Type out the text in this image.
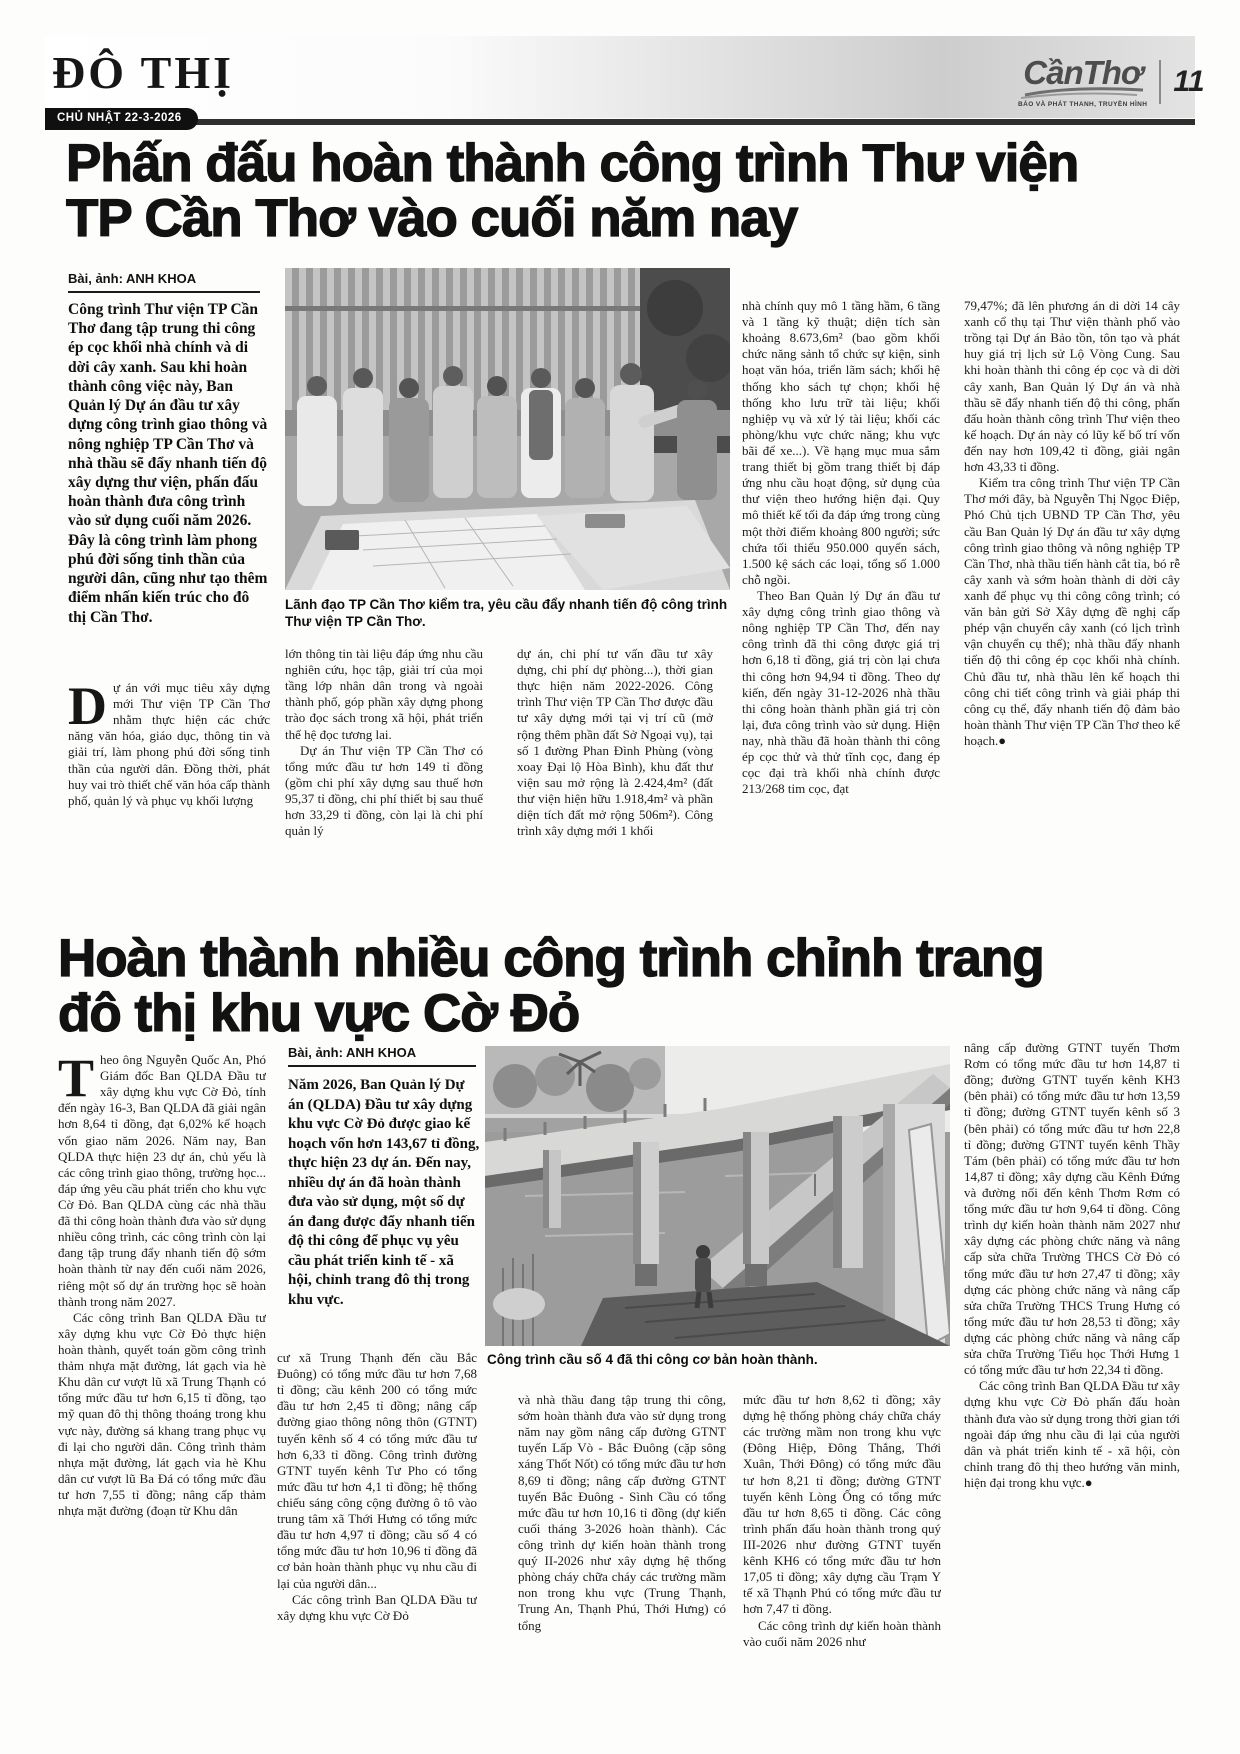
ĐÔ THỊ
CHỦ NHẬT 22-3-2026
CầnThơ
BÁO VÀ PHÁT THANH, TRUYỀN HÌNH
11
Phấn đấu hoàn thành công trình Thư viện TP Cần Thơ vào cuối năm nay
Bài, ảnh: ANH KHOA
Công trình Thư viện TP Cần Thơ đang tập trung thi công ép cọc khối nhà chính và di dời cây xanh. Sau khi hoàn thành công việc này, Ban Quản lý Dự án đầu tư xây dựng công trình giao thông và nông nghiệp TP Cần Thơ và nhà thầu sẽ đẩy nhanh tiến độ xây dựng thư viện, phấn đấu hoàn thành đưa công trình vào sử dụng cuối năm 2026. Đây là công trình làm phong phú đời sống tinh thần của người dân, cũng như tạo thêm điểm nhấn kiến trúc cho đô thị Cần Thơ.

Dự án với mục tiêu xây dựng mới Thư viện TP Cần Thơ nhằm thực hiện các chức năng văn hóa, giáo dục, thông tin và giải trí, làm phong phú đời sống tinh thần của người dân. Đồng thời, phát huy vai trò thiết chế văn hóa cấp thành phố, quản lý và phục vụ khối lượng

Lãnh đạo TP Cần Thơ kiểm tra, yêu cầu đẩy nhanh tiến độ công trình Thư viện TP Cần Thơ.

lớn thông tin tài liệu đáp ứng nhu cầu nghiên cứu, học tập, giải trí của mọi tầng lớp nhân dân trong và ngoài thành phố, góp phần xây dựng phong trào đọc sách trong xã hội, phát triển thế hệ đọc tương lai.

Dự án Thư viện TP Cần Thơ có tổng mức đầu tư hơn 149 tỉ đồng (gồm chi phí xây dựng sau thuế hơn 95,37 tỉ đồng, chi phí thiết bị sau thuế hơn 33,29 tỉ đồng, còn lại là chi phí quản lý

dự án, chi phí tư vấn đầu tư xây dựng, chi phí dự phòng...), thời gian thực hiện năm 2022-2026. Công trình Thư viện TP Cần Thơ được đầu tư xây dựng mới tại vị trí cũ (mở rộng thêm phần đất Sở Ngoại vụ), tại số 1 đường Phan Đình Phùng (vòng xoay Đại lộ Hòa Bình), khu đất thư viện sau mở rộng là 2.424,4m² (đất thư viện hiện hữu 1.918,4m² và phần diện tích đất mở rộng 506m²). Công trình xây dựng mới 1 khối

nhà chính quy mô 1 tầng hầm, 6 tầng và 1 tầng kỹ thuật; diện tích sàn khoảng 8.673,6m² (bao gồm khối chức năng sảnh tổ chức sự kiện, sinh hoạt văn hóa, triển lãm sách; khối hệ thống kho sách tự chọn; khối hệ thống kho lưu trữ tài liệu; khối nghiệp vụ và xử lý tài liệu; khối các phòng/khu vực chức năng; khu vực bãi để xe...). Về hạng mục mua sắm trang thiết bị gồm trang thiết bị đáp ứng nhu cầu hoạt động, sử dụng của thư viện theo hướng hiện đại. Quy mô thiết kế tối đa đáp ứng trong cùng một thời điểm khoảng 800 người; sức chứa tối thiểu 950.000 quyển sách, 1.500 kệ sách các loại, tổng số 1.000 chỗ ngồi.

Theo Ban Quản lý Dự án đầu tư xây dựng công trình giao thông và nông nghiệp TP Cần Thơ, đến nay công trình đã thi công được giá trị hơn 6,18 tỉ đồng, giá trị còn lại chưa thi công hơn 94,94 tỉ đồng. Theo dự kiến, đến ngày 31-12-2026 nhà thầu thi công hoàn thành phần giá trị còn lại, đưa công trình vào sử dụng. Hiện nay, nhà thầu đã hoàn thành thi công ép cọc thử và thử tĩnh cọc, đang ép cọc đại trà khối nhà chính được 213/268 tim cọc, đạt

79,47%; đã lên phương án di dời 14 cây xanh cổ thụ tại Thư viện thành phố vào trồng tại Dự án Bảo tồn, tôn tạo và phát huy giá trị lịch sử Lộ Vòng Cung. Sau khi hoàn thành thi công ép cọc và di dời cây xanh, Ban Quản lý Dự án và nhà thầu sẽ đẩy nhanh tiến độ thi công, phấn đấu hoàn thành công trình Thư viện theo kế hoạch. Dự án này có lũy kế bố trí vốn đến nay hơn 109,42 tỉ đồng, giải ngân hơn 43,33 tỉ đồng.

Kiểm tra công trình Thư viện TP Cần Thơ mới đây, bà Nguyễn Thị Ngọc Điệp, Phó Chủ tịch UBND TP Cần Thơ, yêu cầu Ban Quản lý Dự án đầu tư xây dựng công trình giao thông và nông nghiệp TP Cần Thơ, nhà thầu tiến hành cắt tỉa, bó rễ cây xanh và sớm hoàn thành di dời cây xanh để phục vụ thi công công trình; có văn bản gửi Sở Xây dựng đề nghị cấp phép vận chuyển cây xanh (có lịch trình vận chuyển cụ thể); nhà thầu đẩy nhanh tiến độ thi công ép cọc khối nhà chính. Chủ đầu tư, nhà thầu lên kế hoạch thi công chi tiết công trình và giải pháp thi công cụ thể, đẩy nhanh tiến độ đảm bảo hoàn thành Thư viện TP Cần Thơ theo kế hoạch.●

Hoàn thành nhiều công trình chỉnh trang đô thị khu vực Cờ Đỏ

Theo ông Nguyễn Quốc An, Phó Giám đốc Ban QLDA Đầu tư xây dựng khu vực Cờ Đỏ, tính đến ngày 16-3, Ban QLDA đã giải ngân hơn 8,64 tỉ đồng, đạt 6,02% kế hoạch vốn giao năm 2026. Năm nay, Ban QLDA thực hiện 23 dự án, chủ yếu là các công trình giao thông, trường học... đáp ứng yêu cầu phát triển cho khu vực Cờ Đỏ. Ban QLDA cùng các nhà thầu đã thi công hoàn thành đưa vào sử dụng nhiều công trình, các công trình còn lại đang tập trung đẩy nhanh tiến độ sớm hoàn thành từ nay đến cuối năm 2026, riêng một số dự án trường học sẽ hoàn thành trong năm 2027.

Các công trình Ban QLDA Đầu tư xây dựng khu vực Cờ Đỏ thực hiện hoàn thành, quyết toán gồm công trình thảm nhựa mặt đường, lát gạch vỉa hè Khu dân cư vượt lũ xã Trung Thạnh có tổng mức đầu tư hơn 6,15 tỉ đồng, tạo mỹ quan đô thị thông thoáng trong khu vực này, đường sá khang trang phục vụ đi lại cho người dân. Công trình thảm nhựa mặt đường, lát gạch vỉa hè Khu dân cư vượt lũ Ba Đá có tổng mức đầu tư hơn 7,55 tỉ đồng; nâng cấp thảm nhựa mặt đường (đoạn từ Khu dân

Bài, ảnh: ANH KHOA
Năm 2026, Ban Quản lý Dự án (QLDA) Đầu tư xây dựng khu vực Cờ Đỏ được giao kế hoạch vốn hơn 143,67 tỉ đồng, thực hiện 23 dự án. Đến nay, nhiều dự án đã hoàn thành đưa vào sử dụng, một số dự án đang được đẩy nhanh tiến độ thi công để phục vụ yêu cầu phát triển kinh tế - xã hội, chỉnh trang đô thị trong khu vực.

cư xã Trung Thạnh đến cầu Bắc Đuông) có tổng mức đầu tư hơn 7,68 tỉ đồng; cầu kênh 200 có tổng mức đầu tư hơn 2,45 tỉ đồng; nâng cấp đường giao thông nông thôn (GTNT) tuyến kênh số 4 có tổng mức đầu tư hơn 6,33 tỉ đồng. Công trình đường GTNT tuyến kênh Tư Pho có tổng mức đầu tư hơn 4,1 tỉ đồng; hệ thống chiếu sáng công cộng đường ô tô vào trung tâm xã Thới Hưng có tổng mức đầu tư hơn 4,97 tỉ đồng; cầu số 4 có tổng mức đầu tư hơn 10,96 tỉ đồng đã cơ bản hoàn thành phục vụ nhu cầu đi lại của người dân...

Các công trình Ban QLDA Đầu tư xây dựng khu vực Cờ Đỏ

Công trình cầu số 4 đã thi công cơ bản hoàn thành.

và nhà thầu đang tập trung thi công, sớm hoàn thành đưa vào sử dụng trong năm nay gồm nâng cấp đường GTNT tuyến Lấp Vò - Bắc Đuông (cặp sông xáng Thốt Nốt) có tổng mức đầu tư hơn 8,69 tỉ đồng; nâng cấp đường GTNT tuyến Bắc Đuông - Sình Cầu có tổng mức đầu tư hơn 10,16 tỉ đồng (dự kiến cuối tháng 3-2026 hoàn thành). Các công trình dự kiến hoàn thành trong quý II-2026 như xây dựng hệ thống phòng cháy chữa cháy các trường mầm non trong khu vực (Trung Thạnh, Trung An, Thạnh Phú, Thới Hưng) có tổng

mức đầu tư hơn 8,62 tỉ đồng; xây dựng hệ thống phòng cháy chữa cháy các trường mầm non trong khu vực (Đông Hiệp, Đông Thắng, Thới Xuân, Thới Đông) có tổng mức đầu tư hơn 8,21 tỉ đồng; đường GTNT tuyến kênh Lòng Ống có tổng mức đầu tư hơn 8,65 tỉ đồng. Các công trình phấn đấu hoàn thành trong quý III-2026 như đường GTNT tuyến kênh KH6 có tổng mức đầu tư hơn 17,05 tỉ đồng; xây dựng cầu Trạm Y tế xã Thạnh Phú có tổng mức đầu tư hơn 7,47 tỉ đồng.

Các công trình dự kiến hoàn thành vào cuối năm 2026 như

nâng cấp đường GTNT tuyến Thơm Rơm có tổng mức đầu tư hơn 14,87 tỉ đồng; đường GTNT tuyến kênh KH3 (bên phải) có tổng mức đầu tư hơn 13,59 tỉ đồng; đường GTNT tuyến kênh số 3 (bên phải) có tổng mức đầu tư hơn 22,8 tỉ đồng; đường GTNT tuyến kênh Thầy Tám (bên phải) có tổng mức đầu tư hơn 14,87 tỉ đồng; xây dựng cầu Kênh Đứng và đường nối đến kênh Thơm Rơm có tổng mức đầu tư hơn 9,64 tỉ đồng. Công trình dự kiến hoàn thành năm 2027 như xây dựng các phòng chức năng và nâng cấp sửa chữa Trường THCS Cờ Đỏ có tổng mức đầu tư hơn 27,47 tỉ đồng; xây dựng các phòng chức năng và nâng cấp sửa chữa Trường THCS Trung Hưng có tổng mức đầu tư hơn 28,53 tỉ đồng; xây dựng các phòng chức năng và nâng cấp sửa chữa Trường Tiểu học Thới Hưng 1 có tổng mức đầu tư hơn 22,34 tỉ đồng.

Các công trình Ban QLDA Đầu tư xây dựng khu vực Cờ Đỏ phấn đấu hoàn thành đưa vào sử dụng trong thời gian tới ngoài đáp ứng nhu cầu đi lại của người dân và phát triển kinh tế - xã hội, còn chỉnh trang đô thị theo hướng văn minh, hiện đại trong khu vực.●
